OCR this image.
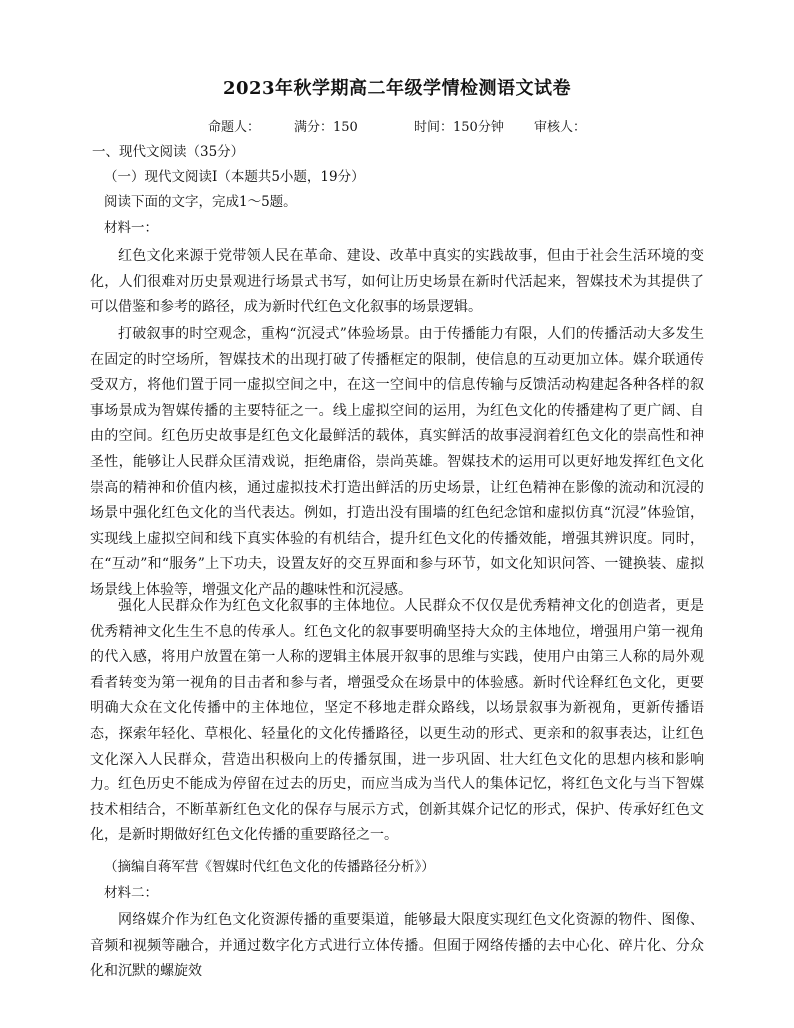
2023年秋学期高二年级学情检测语文试卷
命题人：	满分：150	时间：150分钟 审核人：
一、现代文阅读（35分）
（一）现代文阅读I（本题共5小题，19分）
阅读下面的文字，完成1～5题。
材料一：

红色文化来源于党带领人民在革命、建设、改革中真实的实践故事，但由于社会生活环境的变化，人们很难对历史景观进行场景式书写，如何让历史场景在新时代活起来，智媒技术为其提供了可以借鉴和参考的路径，成为新时代红色文化叙事的场景逻辑。

打破叙事的时空观念，重构“沉浸式”体验场景。由于传播能力有限，人们的传播活动大多发生在固定的时空场所，智媒技术的出现打破了传播框定的限制，使信息的互动更加立体。媒介联通传受双方，将他们置于同一虚拟空间之中，在这一空间中的信息传输与反馈活动构建起各种各样的叙事场景成为智媒传播的主要特征之一。线上虚拟空间的运用，为红色文化的传播建构了更广阔、自由的空间。红色历史故事是红色文化最鲜活的载体，真实鲜活的故事浸润着红色文化的崇高性和神圣性，能够让人民群众匡清戏说，拒绝庸俗，崇尚英雄。智媒技术的运用可以更好地发挥红色文化崇高的精神和价值内核，通过虚拟技术打造出鲜活的历史场景，让红色精神在影像的流动和沉浸的场景中强化红色文化的当代表达。例如，打造出没有围墙的红色纪念馆和虚拟仿真“沉浸”体验馆，实现线上虚拟空间和线下真实体验的有机结合，提升红色文化的传播效能，增强其辨识度。同时，在“互动”和“服务”上下功夫，设置友好的交互界面和参与环节，如文化知识问答、一键换装、虚拟场景线上体验等，增强文化产品的趣味性和沉浸感。

强化人民群众作为红色文化叙事的主体地位。人民群众不仅仅是优秀精神文化的创造者，更是优秀精神文化生生不息的传承人。红色文化的叙事要明确坚持大众的主体地位，增强用户第一视角的代入感，将用户放置在第一人称的逻辑主体展开叙事的思维与实践，使用户由第三人称的局外观看者转变为第一视角的目击者和参与者，增强受众在场景中的体验感。新时代诠释红色文化，更要明确大众在文化传播中的主体地位，坚定不移地走群众路线，以场景叙事为新视角，更新传播语态，探索年轻化、草根化、轻量化的文化传播路径，以更生动的形式、更亲和的叙事表达，让红色文化深入人民群众，营造出积极向上的传播氛围，进一步巩固、壮大红色文化的思想内核和影响力。 红色历史不能成为停留在过去的历史，而应当成为当代人的集体记忆，将红色文化与当下智媒技术相结合，不断革新红色文化的保存与展示方式，创新其媒介记忆的形式，保护、传承好红色文化，是新时期做好红色文化传播的重要路径之一。

（摘编自蒋军营《智媒时代红色文化的传播路径分析》）
材料二：

网络媒介作为红色文化资源传播的重要渠道，能够最大限度实现红色文化资源的物件、图像、音频和视频等融合，并通过数字化方式进行立体传播。但囿于网络传播的去中心化、碎片化、分众化和沉默的螺旋效
